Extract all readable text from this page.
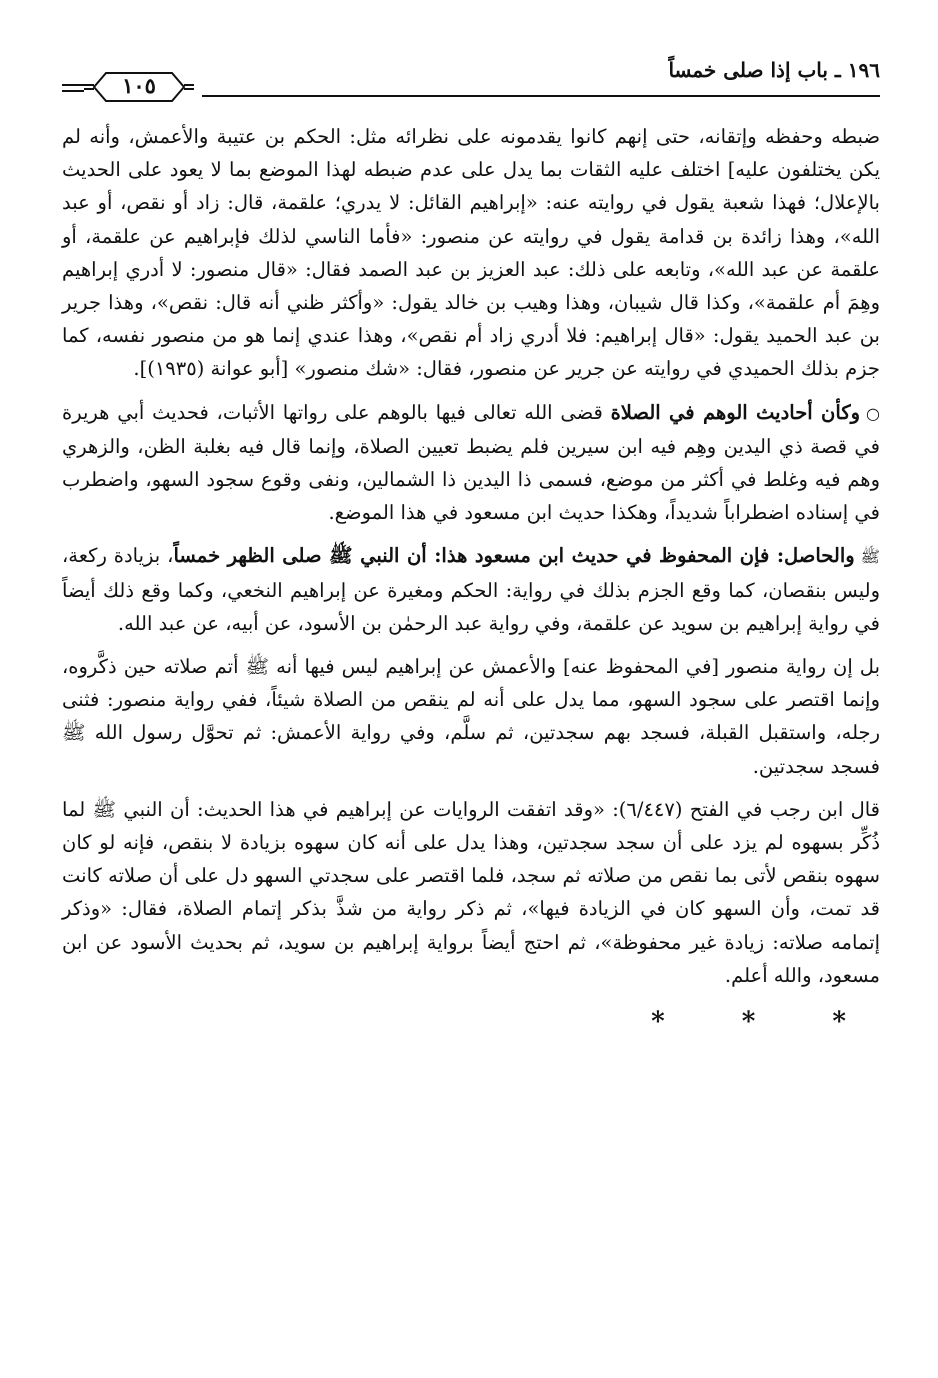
١٩٦ ـ باب إذا صلى خمساً
١٠٥

ضبطه وحفظه وإتقانه، حتى إنهم كانوا يقدمونه على نظرائه مثل: الحكم بن عتيبة والأعمش، وأنه لم يكن يختلفون عليه] اختلف عليه الثقات بما يدل على عدم ضبطه لهذا الموضع بما لا يعود على الحديث بالإعلال؛ فهذا شعبة يقول في روايته عنه: «إبراهيم القائل: لا يدري؛ علقمة، قال: زاد أو نقص، أو عبد الله»، وهذا زائدة بن قدامة يقول في روايته عن منصور: «فأما الناسي لذلك فإبراهيم عن علقمة، أو علقمة عن عبد الله»، وتابعه على ذلك: عبد العزيز بن عبد الصمد فقال: «قال منصور: لا أدري إبراهيم وهِمَ أم علقمة»، وكذا قال شيبان، وهذا وهيب بن خالد يقول: «وأكثر ظني أنه قال: نقص»، وهذا جرير بن عبد الحميد يقول: «قال إبراهيم: فلا أدري زاد أم نقص»، وهذا عندي إنما هو من منصور نفسه، كما جزم بذلك الحميدي في روايته عن جرير عن منصور، فقال: «شك منصور» [أبو عوانة (١٩٣٥)].

○وكأن أحاديث الوهم في الصلاة قضى الله تعالى فيها بالوهم على رواتها الأثبات، فحديث أبي هريرة في قصة ذي اليدين وهِم فيه ابن سيرين فلم يضبط تعيين الصلاة، وإنما قال فيه بغلبة الظن، والزهري وهم فيه وغلط في أكثر من موضع، فسمى ذا اليدين ذا الشمالين، ونفى وقوع سجود السهو، واضطرب في إسناده اضطراباً شديداً، وهكذا حديث ابن مسعود في هذا الموضع.

ﷺوالحاصل: فإن المحفوظ في حديث ابن مسعود هذا: أن النبي ﷺ صلى الظهر خمساً، بزيادة ركعة، وليس بنقصان، كما وقع الجزم بذلك في رواية: الحكم ومغيرة عن إبراهيم النخعي، وكما وقع ذلك أيضاً في رواية إبراهيم بن سويد عن علقمة، وفي رواية عبد الرحمٰن بن الأسود، عن أبيه، عن عبد الله.

بل إن رواية منصور [في المحفوظ عنه] والأعمش عن إبراهيم ليس فيها أنه ﷺ أتم صلاته حين ذكَّروه، وإنما اقتصر على سجود السهو، مما يدل على أنه لم ينقص من الصلاة شيئاً، ففي رواية منصور: فثنى رجله، واستقبل القبلة، فسجد بهم سجدتين، ثم سلَّم، وفي رواية الأعمش: ثم تحوَّل رسول الله ﷺ فسجد سجدتين.

قال ابن رجب في الفتح (٦/٤٤٧): «وقد اتفقت الروايات عن إبراهيم في هذا الحديث: أن النبي ﷺ لما ذُكِّر بسهوه لم يزد على أن سجد سجدتين، وهذا يدل على أنه كان سهوه بزيادة لا بنقص، فإنه لو كان سهوه بنقص لأتى بما نقص من صلاته ثم سجد، فلما اقتصر على سجدتي السهو دل على أن صلاته كانت قد تمت، وأن السهو كان في الزيادة فيها»، ثم ذكر رواية من شذَّ بذكر إتمام الصلاة، فقال: «وذكر إتمامه صلاته: زيادة غير محفوظة»، ثم احتج أيضاً برواية إبراهيم بن سويد، ثم بحديث الأسود عن ابن مسعود، والله أعلم.

* * *
